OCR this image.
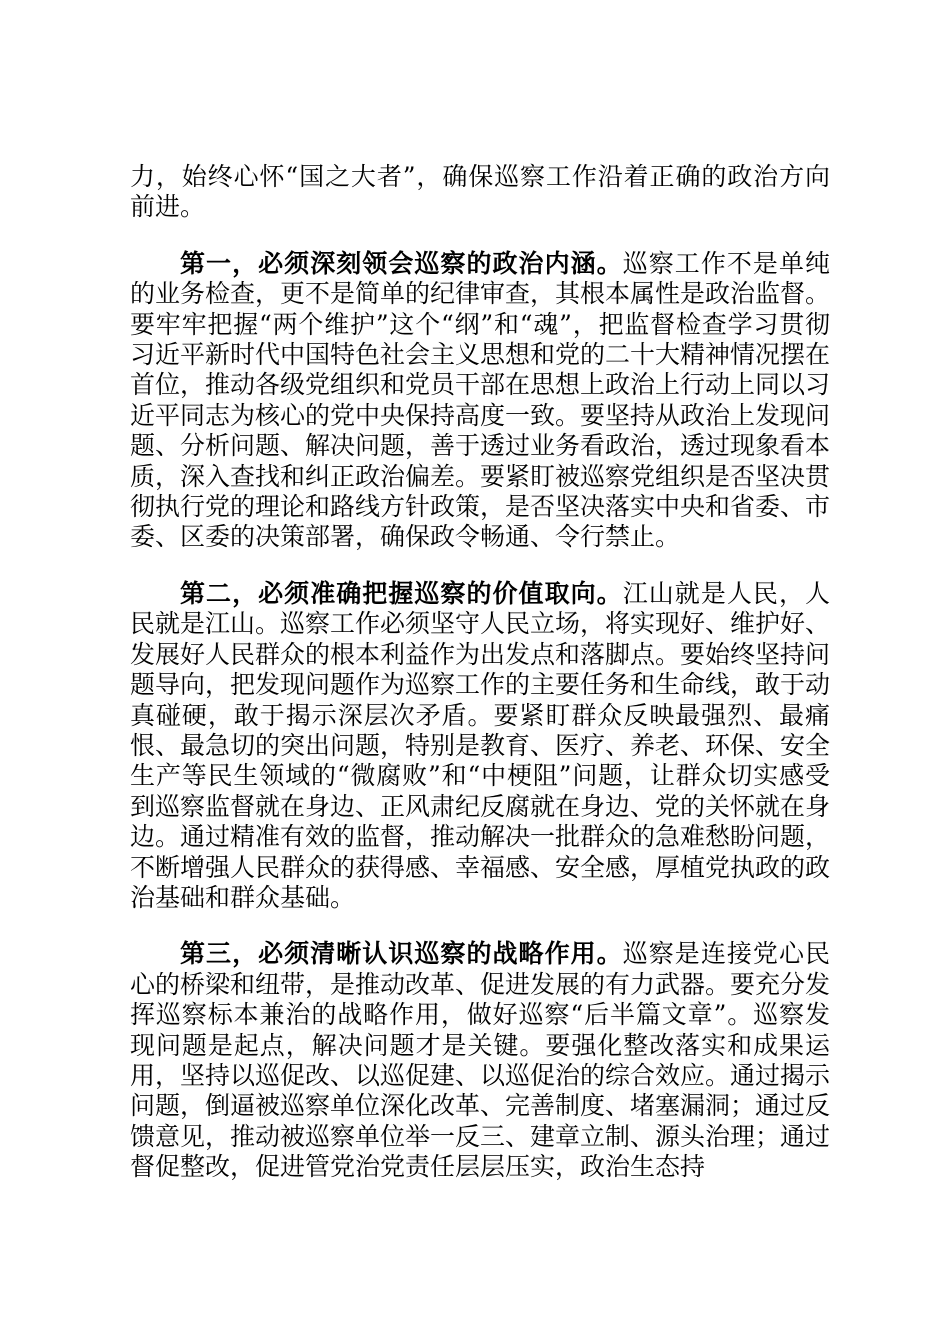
力，始终心怀“国之大者”，确保巡察工作沿着正确的政治方向前进。

第一，必须深刻领会巡察的政治内涵。巡察工作不是单纯的业务检查，更不是简单的纪律审查，其根本属性是政治监督。要牢牢把握“两个维护”这个“纲”和“魂”，把监督检查学习贯彻习近平新时代中国特色社会主义思想和党的二十大精神情况摆在首位，推动各级党组织和党员干部在思想上政治上行动上同以习近平同志为核心的党中央保持高度一致。要坚持从政治上发现问题、分析问题、解决问题，善于透过业务看政治，透过现象看本质，深入查找和纠正政治偏差。要紧盯被巡察党组织是否坚决贯彻执行党的理论和路线方针政策，是否坚决落实中央和省委、市委、区委的决策部署，确保政令畅通、令行禁止。

第二，必须准确把握巡察的价值取向。江山就是人民，人民就是江山。巡察工作必须坚守人民立场，将实现好、维护好、发展好人民群众的根本利益作为出发点和落脚点。要始终坚持问题导向，把发现问题作为巡察工作的主要任务和生命线，敢于动真碰硬，敢于揭示深层次矛盾。要紧盯群众反映最强烈、最痛恨、最急切的突出问题，特别是教育、医疗、养老、环保、安全生产等民生领域的“微腐败”和“中梗阻”问题，让群众切实感受到巡察监督就在身边、正风肃纪反腐就在身边、党的关怀就在身边。通过精准有效的监督，推动解决一批群众的急难愁盼问题，不断增强人民群众的获得感、幸福感、安全感，厚植党执政的政治基础和群众基础。

第三，必须清晰认识巡察的战略作用。巡察是连接党心民心的桥梁和纽带，是推动改革、促进发展的有力武器。要充分发挥巡察标本兼治的战略作用，做好巡察“后半篇文章”。巡察发现问题是起点，解决问题才是关键。要强化整改落实和成果运用，坚持以巡促改、以巡促建、以巡促治的综合效应。通过揭示问题，倒逼被巡察单位深化改革、完善制度、堵塞漏洞；通过反馈意见，推动被巡察单位举一反三、建章立制、源头治理；通过督促整改，促进管党治党责任层层压实，政治生态持
